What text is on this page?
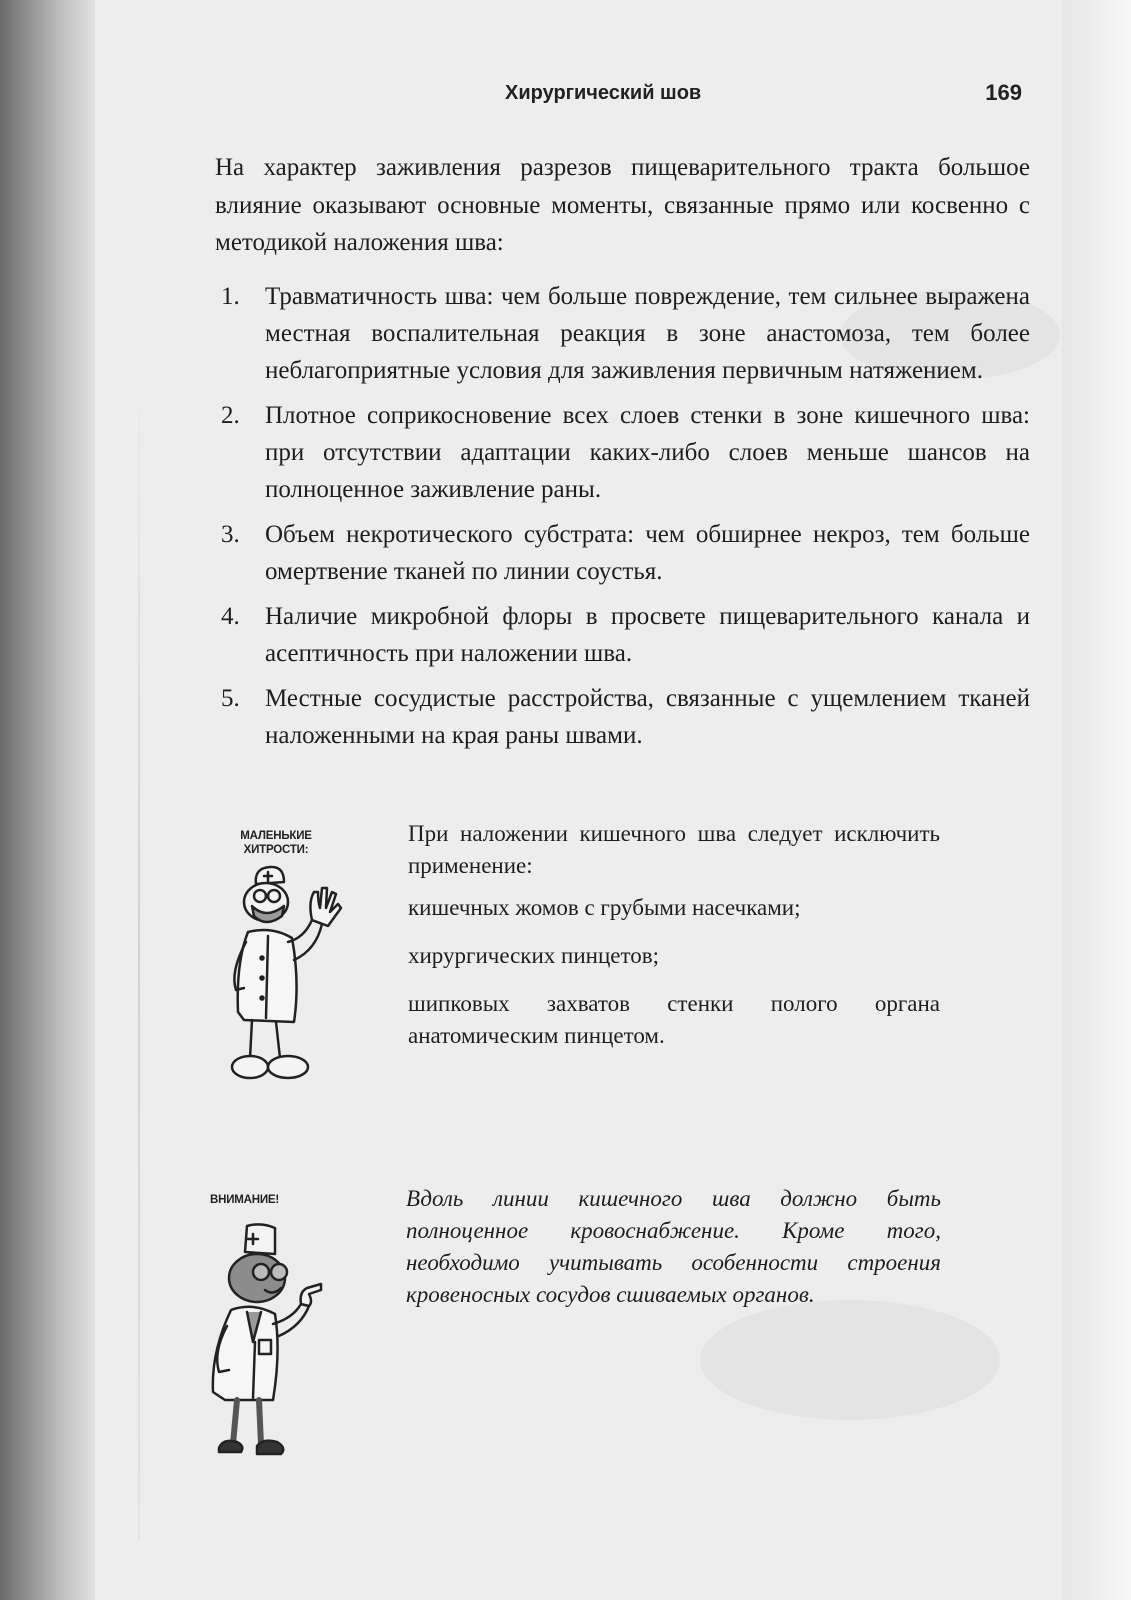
Хирургический шов	169

На характер заживления разрезов пищеварительного тракта большое влияние оказывают основные моменты, связанные прямо или косвенно с методикой наложения шва:

1. Травматичность шва: чем больше повреждение, тем сильнее выражена местная воспалительная реакция в зоне анастомоза, тем более неблагоприятные условия для заживления первичным натяжением.
2. Плотное соприкосновение всех слоев стенки в зоне кишечного шва: при отсутствии адаптации каких-либо слоев меньше шансов на полноценное заживление раны.
3. Объем некротического субстрата: чем обширнее некроз, тем больше омертвение тканей по линии соустья.
4. Наличие микробной флоры в просвете пищеварительного канала и асептичность при наложении шва.
5. Местные сосудистые расстройства, связанные с ущемлением тканей наложенными на края раны швами.
МАЛЕНЬКИЕ
ХИТРОСТИ:

При наложении кишечного шва следует исключить применение:

кишечных жомов с грубыми насечками;

хирургических пинцетов;

шипковых захватов стенки полого органа анатомическим пинцетом.

ВНИМАНИЕ!	Вдоль линии кишечного шва должно быть полноценное кровоснабжение. Кроме того, необходимо учитывать особенности строения кровеносных сосудов сшиваемых органов.
